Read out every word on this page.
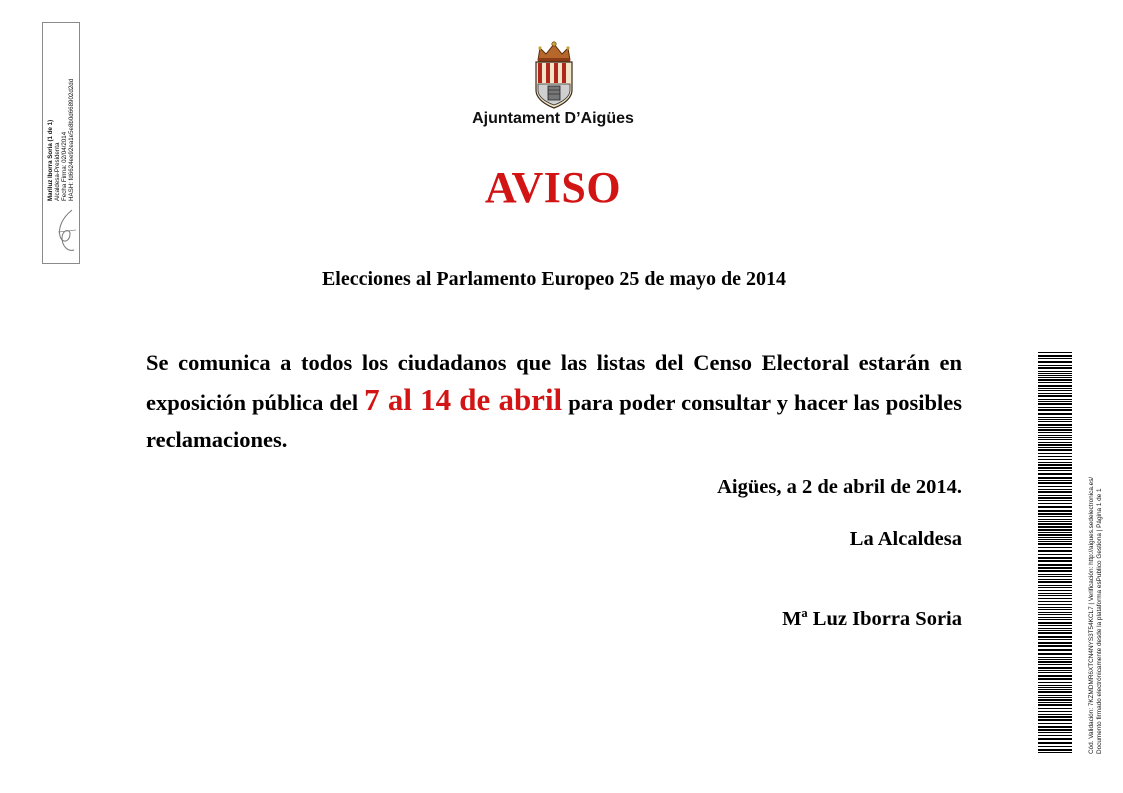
Mariluz Iborra Soria (1 de 1) Alcaldesa-Presidenta Fecha Firma: 02/04/2014 HASH: fd6624ee92ea1e5e8b0d668902d2dd	Ajuntament D’Aigües
AVISO
Elecciones al Parlamento Europeo 25 de mayo de 2014
Se comunica a todos los ciudadanos que las listas del Censo Electoral estarán en exposición pública del 7 al 14 de abril para poder consultar y hacer las posibles reclamaciones.
Aigües, a 2 de abril de 2014.
La Alcaldesa
Mª Luz Iborra Soria	Cód. Validación: 7KZMDMR6XTCN4NYS3T54KCL7 | Verificación: http://aigues.sedelectronica.es/ Documento firmado electrónicamente desde la plataforma esPublico Gestiona | Página 1 de 1
